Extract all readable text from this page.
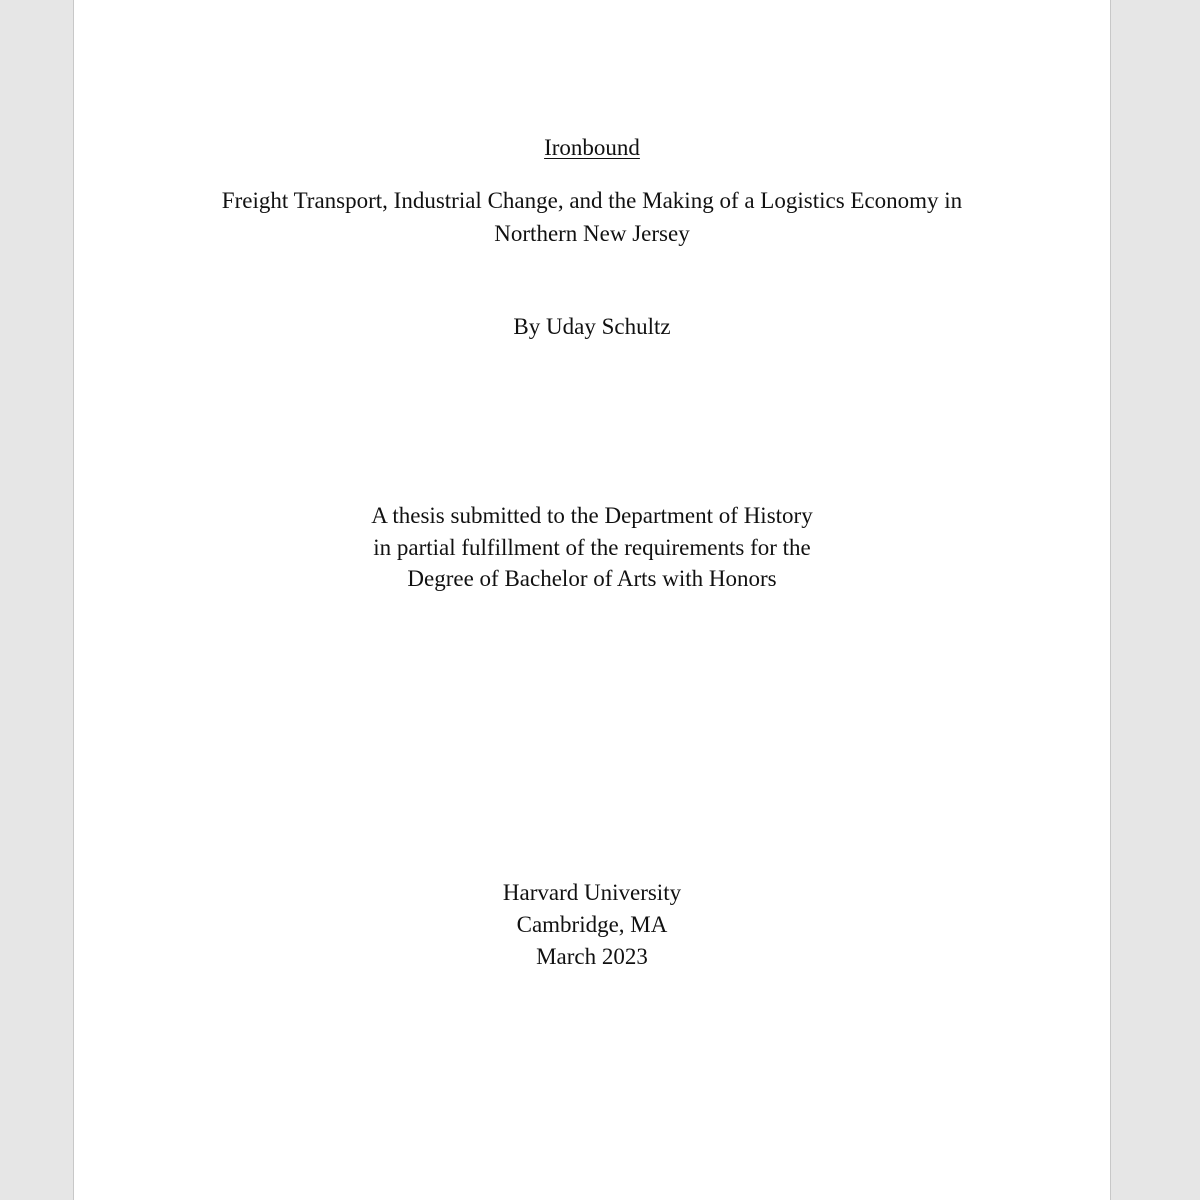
Ironbound
Freight Transport, Industrial Change, and the Making of a Logistics Economy in
Northern New Jersey
By Uday Schultz
A thesis submitted to the Department of History
in partial fulfillment of the requirements for the
Degree of Bachelor of Arts with Honors
Harvard University
Cambridge, MA
March 2023
